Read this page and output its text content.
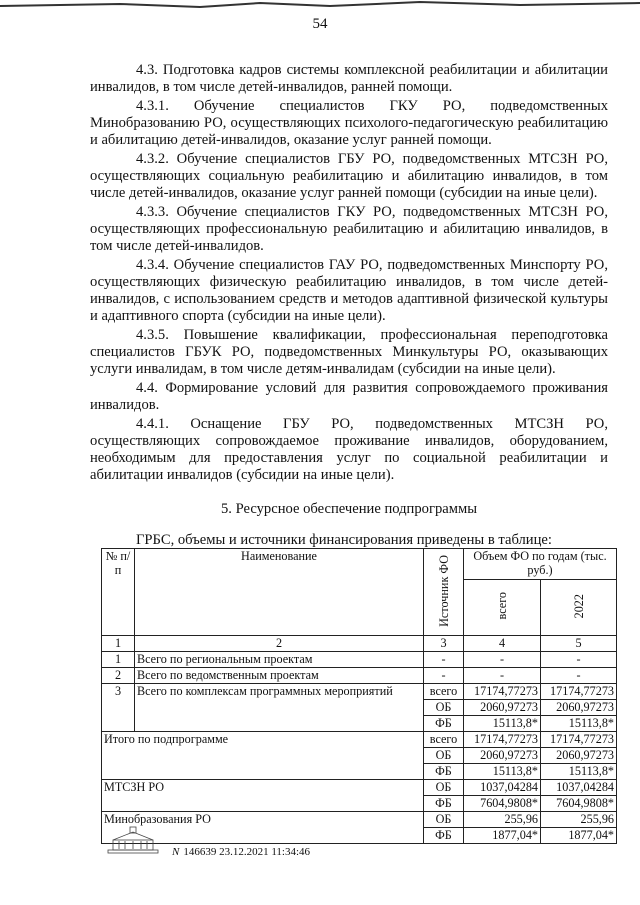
54

4.3. Подготовка кадров системы комплексной реабилитации и абилитации инвалидов, в том числе детей-инвалидов, ранней помощи.

4.3.1. Обучение специалистов ГКУ РО, подведомственных Минобразованию РО, осуществляющих психолого-педагогическую реабилитацию и абилитацию детей-инвалидов, оказание услуг ранней помощи.

4.3.2. Обучение специалистов ГБУ РО, подведомственных МТСЗН РО, осуществляющих социальную реабилитацию и абилитацию инвалидов, в том числе детей-инвалидов, оказание услуг ранней помощи (субсидии на иные цели).

4.3.3. Обучение специалистов ГКУ РО, подведомственных МТСЗН РО, осуществляющих профессиональную реабилитацию и абилитацию инвалидов, в том числе детей-инвалидов.

4.3.4. Обучение специалистов ГАУ РО, подведомственных Минспорту РО, осуществляющих физическую реабилитацию инвалидов, в том числе детей-инвалидов, с использованием средств и методов адаптивной физической культуры и адаптивного спорта (субсидии на иные цели).

4.3.5. Повышение квалификации, профессиональная переподготовка специалистов ГБУК РО, подведомственных Минкультуры РО, оказывающих услуги инвалидам, в том числе детям-инвалидам (субсидии на иные цели).

4.4. Формирование условий для развития сопровождаемого проживания инвалидов.

4.4.1. Оснащение ГБУ РО, подведомственных МТСЗН РО, осуществляющих сопровождаемое проживание инвалидов, оборудованием, необходимым для предоставления услуг по социальной реабилитации и абилитации инвалидов (субсидии на иные цели).

5. Ресурсное обеспечение подпрограммы
ГРБС, объемы и источники финансирования приведены в таблице:
№ п/п	Наименование	Источник ФО	Объем ФО по годам (тыс. руб.)	
			всего	2022
1	2	3	4	5
1	Всего по региональным проектам	-	-	-
2	Всего по ведомственным проектам	-	-	-
3	Всего по комплексам программных мероприятий	всего	17174,77273	17174,77273
		ОБ	2060,97273	2060,97273
		ФБ	15113,8*	15113,8*
Итого по подпрограмме		всего	17174,77273	17174,77273
		ОБ	2060,97273	2060,97273
		ФБ	15113,8*	15113,8*
МТСЗН РО		ОБ	1037,04284	1037,04284
		ФБ	7604,9808*	7604,9808*
Минобразования РО		ОБ	255,96	255,96
		ФБ	1877,04*	1877,04*
N 146639 23.12.2021 11:34:46
